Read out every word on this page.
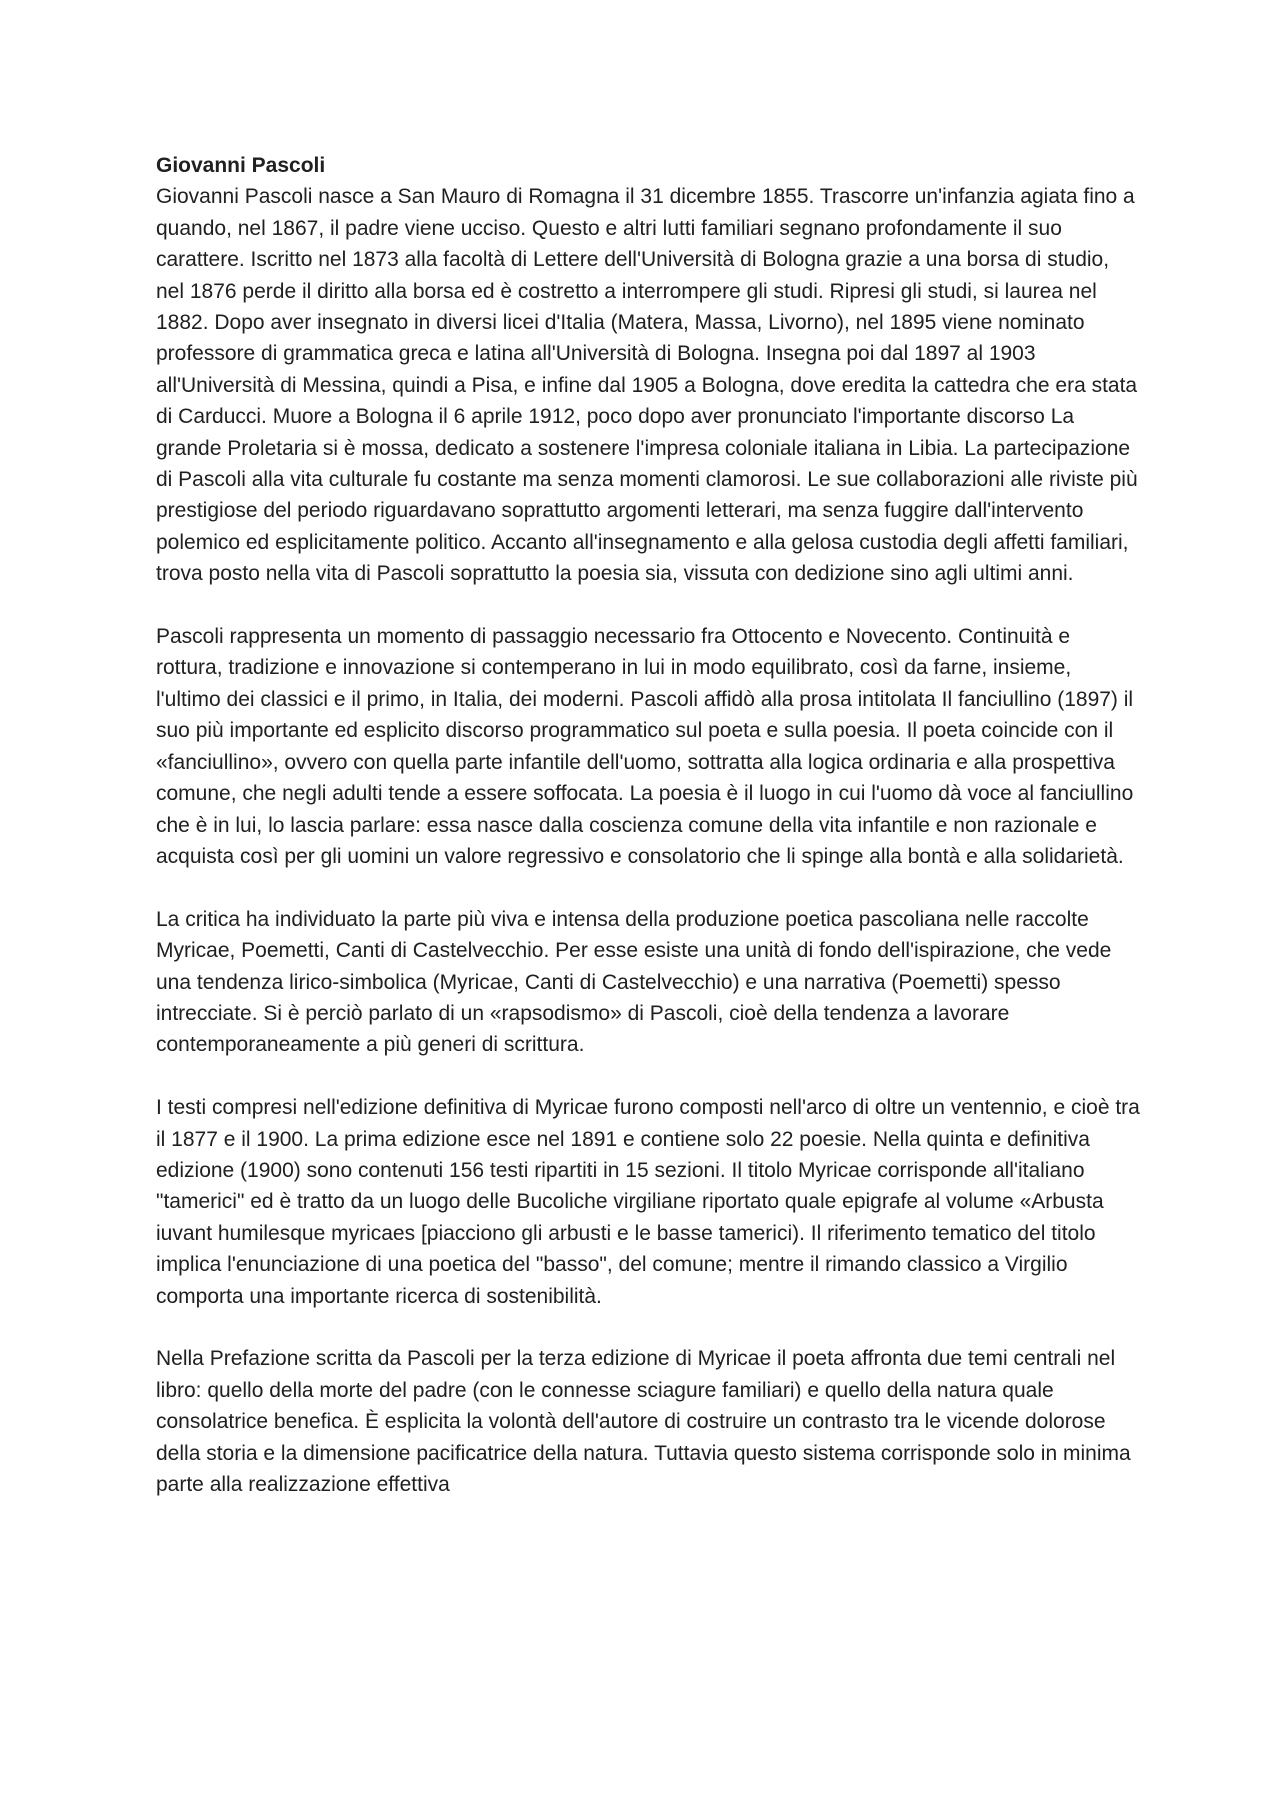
Giovanni Pascoli

Giovanni Pascoli nasce a San Mauro di Romagna il 31 dicembre 1855. Trascorre un'infanzia agiata fino a quando, nel 1867, il padre viene ucciso. Questo e altri lutti familiari segnano profondamente il suo carattere. Iscritto nel 1873 alla facoltà di Lettere dell'Università di Bologna grazie a una borsa di studio, nel 1876 perde il diritto alla borsa ed è costretto a interrompere gli studi. Ripresi gli studi, si laurea nel 1882. Dopo aver insegnato in diversi licei d'Italia (Matera, Massa, Livorno), nel 1895 viene nominato professore di grammatica greca e latina all'Università di Bologna. Insegna poi dal 1897 al 1903 all'Università di Messina, quindi a Pisa, e infine dal 1905 a Bologna, dove eredita la cattedra che era stata di Carducci. Muore a Bologna il 6 aprile 1912, poco dopo aver pronunciato l'importante discorso La grande Proletaria si è mossa, dedicato a sostenere l'impresa coloniale italiana in Libia. La partecipazione di Pascoli alla vita culturale fu costante ma senza momenti clamorosi. Le sue collaborazioni alle riviste più prestigiose del periodo riguardavano soprattutto argomenti letterari, ma senza fuggire dall'intervento polemico ed esplicitamente politico. Accanto all'insegnamento e alla gelosa custodia degli affetti familiari, trova posto nella vita di Pascoli soprattutto la poesia sia, vissuta con dedizione sino agli ultimi anni.

Pascoli rappresenta un momento di passaggio necessario fra Ottocento e Novecento. Continuità e rottura, tradizione e innovazione si contemperano in lui in modo equilibrato, così da farne, insieme, l'ultimo dei classici e il primo, in Italia, dei moderni. Pascoli affidò alla prosa intitolata Il fanciullino (1897) il suo più importante ed esplicito discorso programmatico sul poeta e sulla poesia. Il poeta coincide con il «fanciullino», ovvero con quella parte infantile dell'uomo, sottratta alla logica ordinaria e alla prospettiva comune, che negli adulti tende a essere soffocata. La poesia è il luogo in cui l'uomo dà voce al fanciullino che è in lui, lo lascia parlare: essa nasce dalla coscienza comune della vita infantile e non razionale e acquista così per gli uomini un valore regressivo e consolatorio che li spinge alla bontà e alla solidarietà.

La critica ha individuato la parte più viva e intensa della produzione poetica pascoliana nelle raccolte Myricae, Poemetti, Canti di Castelvecchio. Per esse esiste una unità di fondo dell'ispirazione, che vede una tendenza lirico-simbolica (Myricae, Canti di Castelvecchio) e una narrativa (Poemetti) spesso intrecciate. Si è perciò parlato di un «rapsodismo» di Pascoli, cioè della tendenza a lavorare contemporaneamente a più generi di scrittura.

I testi compresi nell'edizione definitiva di Myricae furono composti nell'arco di oltre un ventennio, e cioè tra il 1877 e il 1900. La prima edizione esce nel 1891 e contiene solo 22 poesie. Nella quinta e definitiva edizione (1900) sono contenuti 156 testi ripartiti in 15 sezioni. Il titolo Myricae corrisponde all'italiano "tamerici" ed è tratto da un luogo delle Bucoliche virgiliane riportato quale epigrafe al volume «Arbusta iuvant humilesque myricaes [piacciono gli arbusti e le basse tamerici). Il riferimento tematico del titolo implica l'enunciazione di una poetica del "basso", del comune; mentre il rimando classico a Virgilio comporta una importante ricerca di sostenibilità.

Nella Prefazione scritta da Pascoli per la terza edizione di Myricae il poeta affronta due temi centrali nel libro: quello della morte del padre (con le connesse sciagure familiari) e quello della natura quale consolatrice benefica. È esplicita la volontà dell'autore di costruire un contrasto tra le vicende dolorose della storia e la dimensione pacificatrice della natura. Tuttavia questo sistema corrisponde solo in minima parte alla realizzazione effettiva
